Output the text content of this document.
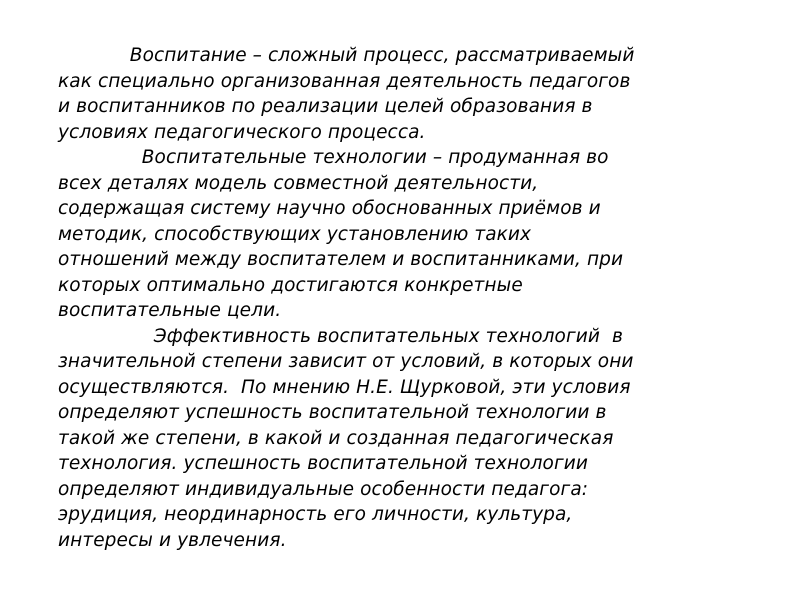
Воспитание – сложный процесс, рассматриваемый
как специально организованная деятельность педагогов
и воспитанников по реализации целей образования в
условиях педагогического процесса.

Воспитательные технологии – продуманная во
всех деталях модель совместной деятельности,
содержащая систему научно обоснованных приёмов и
методик, способствующих установлению таких
отношений между воспитателем и воспитанниками, при
которых оптимально достигаются конкретные
воспитательные цели.

Эффективность воспитательных технологий  в
значительной степени зависит от условий, в которых они
осуществляются.  По мнению Н.Е. Щурковой, эти условия
определяют успешность воспитательной технологии в
такой же степени, в какой и созданная педагогическая
технология. успешность воспитательной технологии
определяют индивидуальные особенности педагога:
эрудиция, неординарность его личности, культура,
интересы и увлечения.
